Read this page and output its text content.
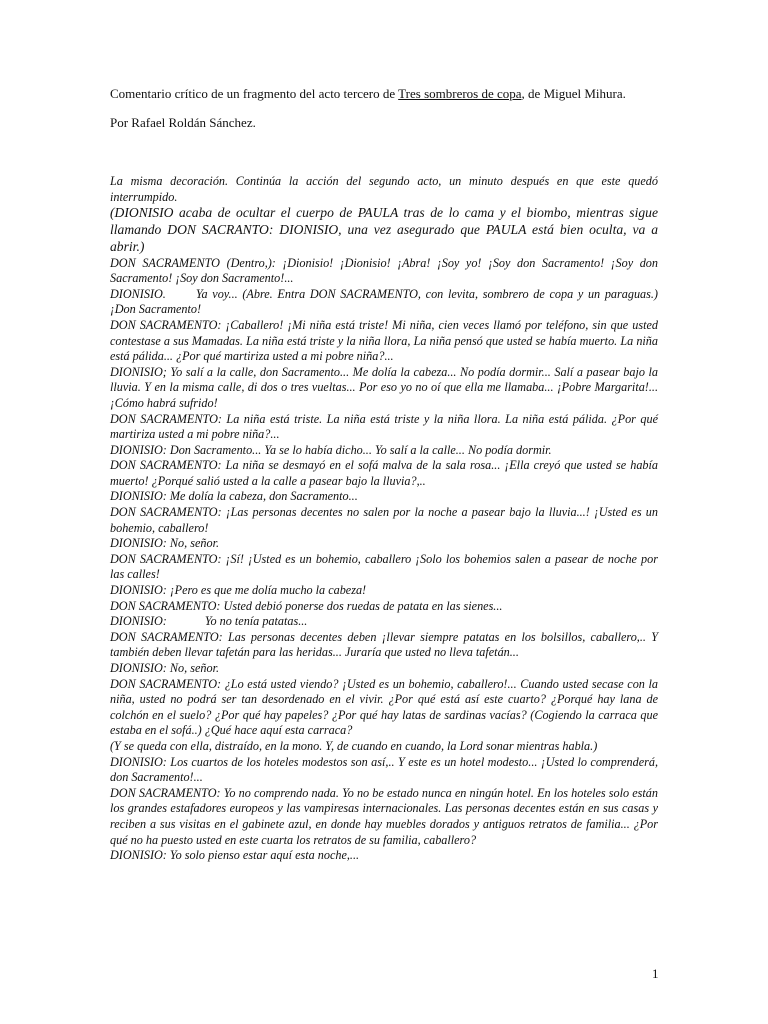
Comentario crítico de un fragmento del acto tercero de Tres sombreros de copa, de Miguel Mihura.

Por Rafael Roldán Sánchez.

La misma decoración. Continúa la acción del segundo acto, un minuto después en que este quedó interrumpido.

(DIONISIO acaba de ocultar el cuerpo de PAULA tras de lo cama y el biombo, mientras sigue llamando DON SACRANTO: DIONISIO, una vez asegurado que PAULA está bien oculta, va a abrir.)

DON SACRAMENTO (Dentro,): ¡Dionisio! ¡Dionisio! ¡Abra! ¡Soy yo! ¡Soy don Sacramento! ¡Soy don Sacramento! ¡Soy don Sacramento!...

DIONISIO. Ya voy... (Abre. Entra DON SACRAMENTO, con levita, sombrero de copa y un paraguas.) ¡Don Sacramento!

DON SACRAMENTO: ¡Caballero! ¡Mi niña está triste! Mi niña, cien veces llamó por teléfono, sin que usted contestase a sus Mamadas. La niña está triste y la niña llora, La niña pensó que usted se había muerto. La niña está pálida... ¿Por qué martiriza usted a mi pobre niña?...

DIONISIO; Yo salí a la calle, don Sacramento... Me dolía la cabeza... No podía dormir... Salí a pasear bajo la lluvia. Y en la misma calle, di dos o tres vueltas... Por eso yo no oí que ella me llamaba... ¡Pobre Margarita!... ¡Cómo habrá sufrido!

DON SACRAMENTO: La niña está triste. La niña está triste y la niña llora. La niña está pálida. ¿Por qué martiriza usted a mi pobre niña?...

DIONISIO: Don Sacramento... Ya se lo había dicho... Yo salí a la calle... No podía dormir.

DON SACRAMENTO: La niña se desmayó en el sofá malva de la sala rosa... ¡Ella creyó que usted se había muerto! ¿Porqué salió usted a la calle a pasear bajo la lluvia?,..

DIONISIO: Me dolía la cabeza, don Sacramento...

DON SACRAMENTO: ¡Las personas decentes no salen por la noche a pasear bajo la lluvia...! ¡Usted es un bohemio, caballero!

DIONISIO: No, señor.

DON SACRAMENTO: ¡Sí! ¡Usted es un bohemio, caballero ¡Solo los bohemios salen a pasear de noche por las calles!

DIONISIO: ¡Pero es que me dolía mucho la cabeza!

DON SACRAMENTO: Usted debió ponerse dos ruedas de patata en las sienes...

DIONISIO:	Yo no tenía patatas...

DON SACRAMENTO: Las personas decentes deben ¡llevar siempre patatas en los bolsillos, caballero,.. Y también deben llevar tafetán para las heridas... Juraría que usted no lleva tafetán...

DIONISIO: No, señor.

DON SACRAMENTO: ¿Lo está usted viendo? ¡Usted es un bohemio, caballero!... Cuando usted secase con la niña, usted no podrá ser tan desordenado en el vivir. ¿Por qué está así este cuarto? ¿Porqué hay lana de colchón en el suelo? ¿Por qué hay papeles? ¿Por qué hay latas de sardinas vacías? (Cogiendo la carraca que estaba en el sofá..) ¿Qué hace aquí esta carraca?

(Y se queda con ella, distraído, en la mono. Y, de cuando en cuando, la Lord sonar mientras habla.)

DIONISIO: Los cuartos de los hoteles modestos son así,.. Y este es un hotel modesto... ¡Usted lo comprenderá, don Sacramento!...

DON SACRAMENTO: Yo no comprendo nada. Yo no be estado nunca en ningún hotel. En los hoteles solo están los grandes estafadores europeos y las vampiresas internacionales. Las personas decentes están en sus casas y reciben a sus visitas en el gabinete azul, en donde hay muebles dorados y antiguos retratos de familia... ¿Por qué no ha puesto usted en este cuarta los retratos de su familia, caballero?

DIONISIO: Yo solo pienso estar aquí esta noche,...

1
